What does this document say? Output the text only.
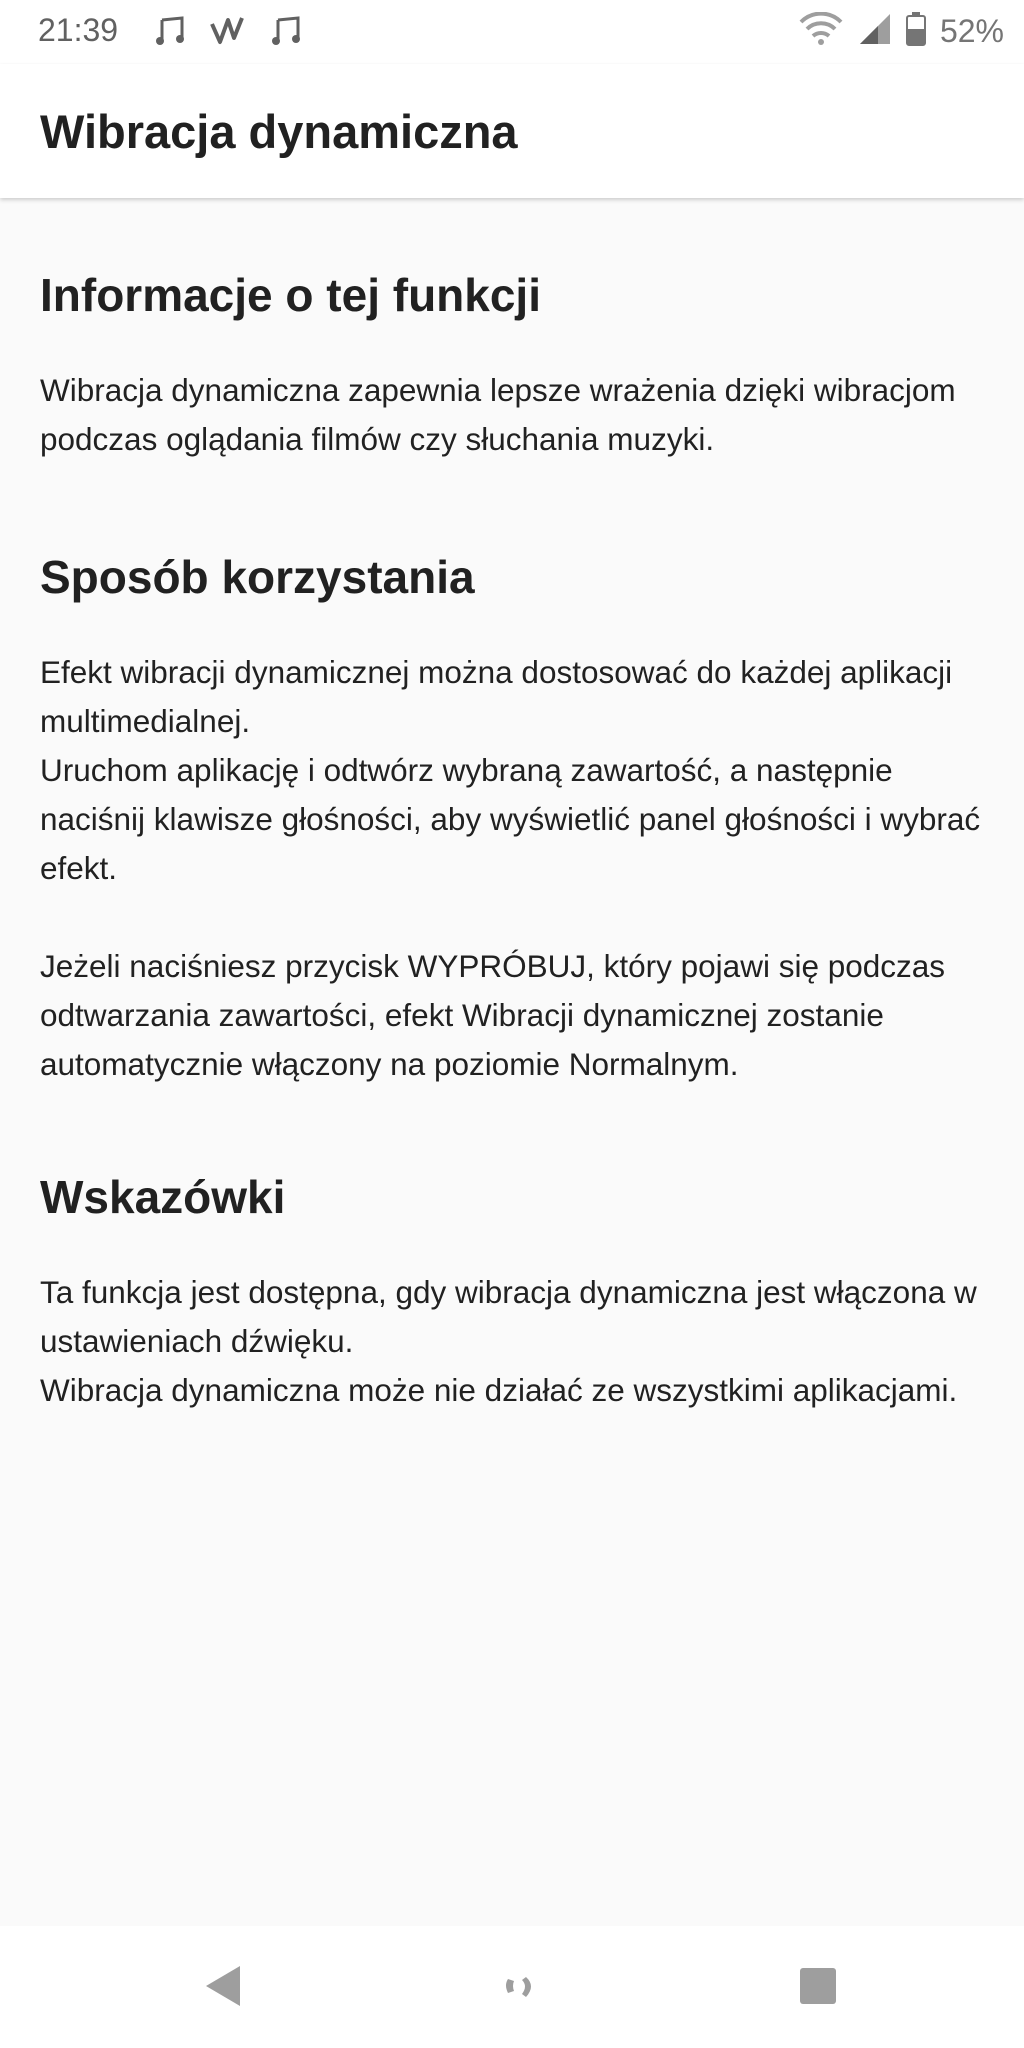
21:39	52%
Wibracja dynamiczna
Informacje o tej funkcji

Wibracja dynamiczna zapewnia lepsze wrażenia dzięki wibracjom podczas oglądania filmów czy słuchania muzyki.

Sposób korzystania

Efekt wibracji dynamicznej można dostosować do każdej aplikacji multimedialnej.
Uruchom aplikację i odtwórz wybraną zawartość, a następnie naciśnij klawisze głośności, aby wyświetlić panel głośności i wybrać efekt.

Jeżeli naciśniesz przycisk WYPRÓBUJ, który pojawi się podczas odtwarzania zawartości, efekt Wibracji dynamicznej zostanie automatycznie włączony na poziomie Normalnym.

Wskazówki

Ta funkcja jest dostępna, gdy wibracja dynamiczna jest włączona w ustawieniach dźwięku.
Wibracja dynamiczna może nie działać ze wszystkimi aplikacjami.
